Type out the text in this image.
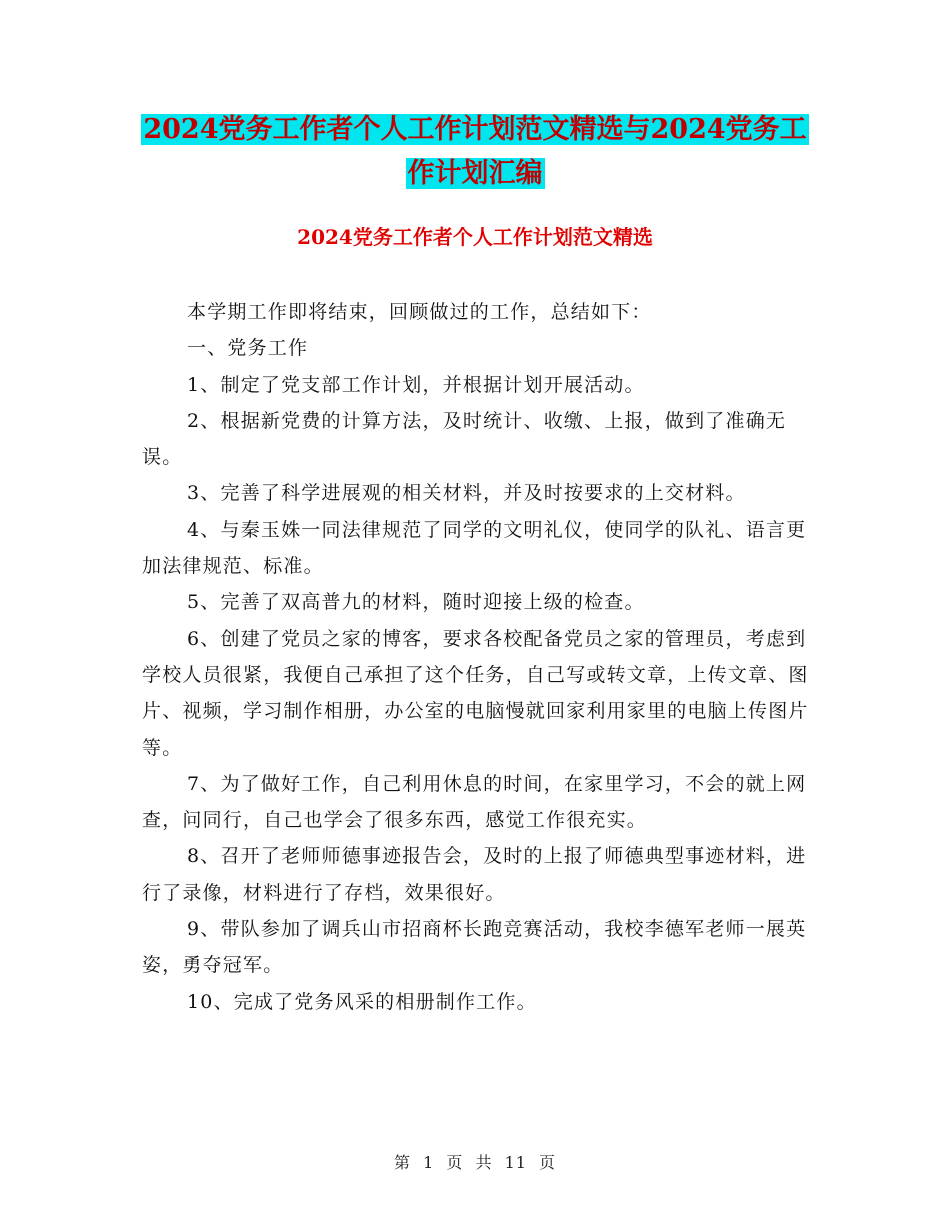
2024党务工作者个人工作计划范文精选与2024党务工
作计划汇编
2024党务工作者个人工作计划范文精选

本学期工作即将结束，回顾做过的工作，总结如下：

一、党务工作

1、制定了党支部工作计划，并根据计划开展活动。

2、根据新党费的计算方法，及时统计、收缴、上报，做到了准确无误。

3、完善了科学进展观的相关材料，并及时按要求的上交材料。

4、与秦玉姝一同法律规范了同学的文明礼仪，使同学的队礼、语言更加法律规范、标准。

5、完善了双高普九的材料，随时迎接上级的检查。

6、创建了党员之家的博客，要求各校配备党员之家的管理员，考虑到学校人员很紧，我便自己承担了这个任务，自己写或转文章，上传文章、图片、视频，学习制作相册，办公室的电脑慢就回家利用家里的电脑上传图片等。

7、为了做好工作，自己利用休息的时间，在家里学习，不会的就上网查，问同行，自己也学会了很多东西，感觉工作很充实。

8、召开了老师师德事迹报告会，及时的上报了师德典型事迹材料，进行了录像，材料进行了存档，效果很好。

9、带队参加了调兵山市招商杯长跑竞赛活动，我校李德军老师一展英姿，勇夺冠军。

10、完成了党务风采的相册制作工作。

第 1 页 共 11 页
